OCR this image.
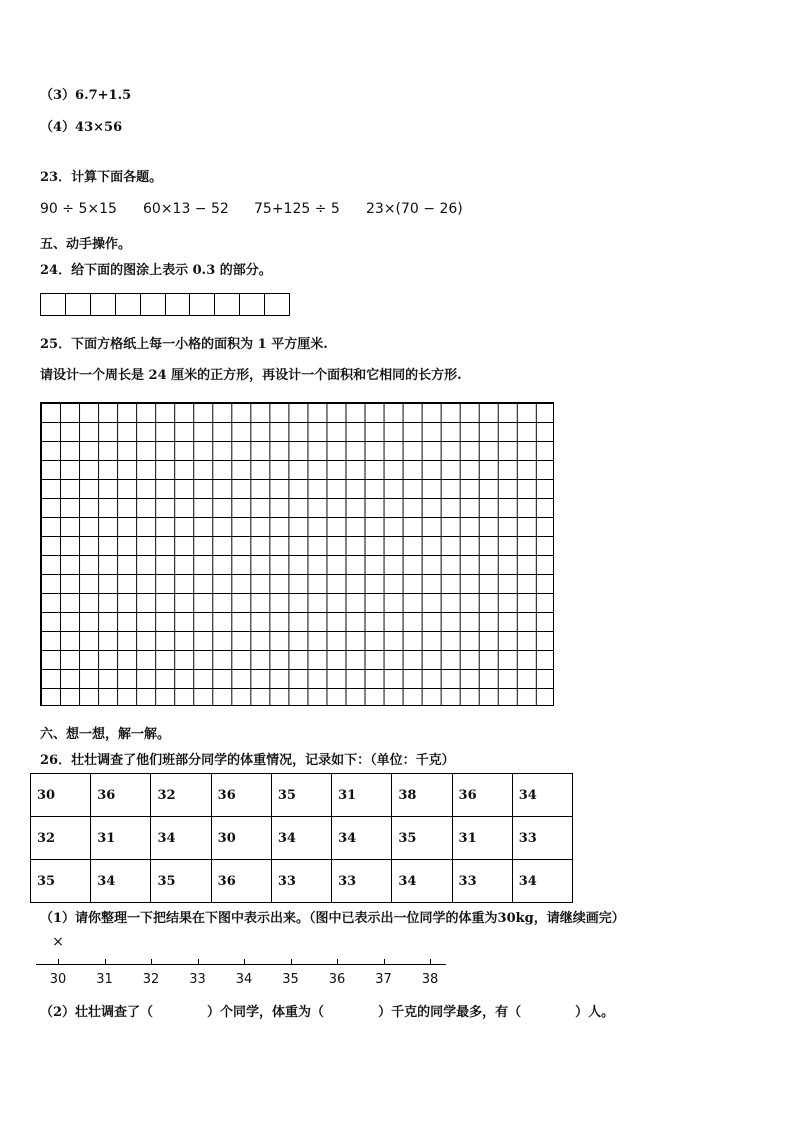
（3）6.7+1.5
（4）43×56
23．计算下面各题。
90 ÷ 5×15 60×13 − 52 75+125 ÷ 5 23×(70 − 26)
五、动手操作。
24．给下面的图涂上表示 0.3 的部分。
25．下面方格纸上每一小格的面积为 1 平方厘米.
请设计一个周长是 24 厘米的正方形，再设计一个面积和它相同的长方形.
六、想一想，解一解。
26．壮壮调查了他们班部分同学的体重情况，记录如下：（单位：千克）
30	36	32	36	35	31	38	36	34
32	31	34	30	34	34	35	31	33
35	34	35	36	33	33	34	33	34
（1）请你整理一下把结果在下图中表示出来。（图中已表示出一位同学的体重为30kg，请继续画完）
30 31 32 33 34 35 36 37 38
×
（2）壮壮调查了（	）个同学，体重为（	）千克的同学最多，有（	）人。
